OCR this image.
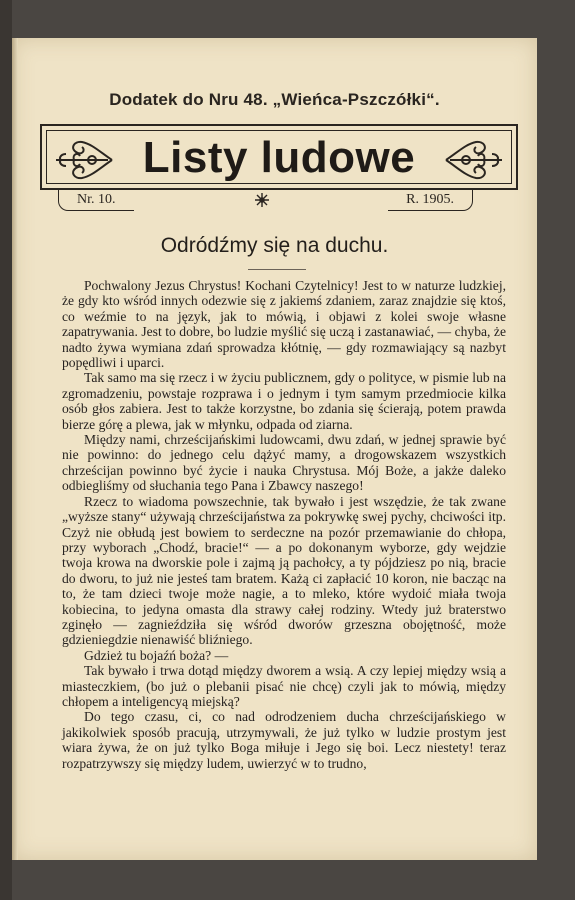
Dodatek do Nru 48. „Wieńca-Pszczółki“.
Listy ludowe
Nr. 10.	R. 1905.
Odródźmy się na duchu.

Pochwalony Jezus Chrystus! Kochani Czytelnicy! Jest to w naturze ludzkiej, że gdy kto wśród innych odezwie się z jakiemś zdaniem, zaraz znajdzie się ktoś, co weźmie to na język, jak to mówią, i objawi z kolei swoje własne zapatrywania. Jest to dobre, bo ludzie myślić się uczą i zastanawiać, — chyba, że nadto żywa wymiana zdań sprowadza kłótnię, — gdy rozmawiający są nazbyt popędliwi i uparci.

Tak samo ma się rzecz i w życiu publicznem, gdy o polityce, w pismie lub na zgromadzeniu, powstaje rozprawa i o jednym i tym samym przedmiocie kilka osób głos zabiera. Jest to także korzystne, bo zdania się ścierają, potem prawda bierze górę a plewa, jak w młynku, odpada od ziarna.

Między nami, chrześcijańskimi ludowcami, dwu zdań, w jednej sprawie być nie powinno: do jednego celu dążyć mamy, a drogowskazem wszystkich chrześcijan powinno być życie i nauka Chrystusa. Mój Boże, a jakże daleko odbiegliśmy od słuchania tego Pana i Zbawcy naszego!

Rzecz to wiadoma powszechnie, tak bywało i jest wszędzie, że tak zwane „wyższe stany“ używają chrześcijaństwa za pokrywkę swej pychy, chciwości itp. Czyż nie obłudą jest bowiem to serdeczne na pozór przemawianie do chłopa, przy wyborach „Chodź, bracie!“ — a po dokonanym wyborze, gdy wejdzie twoja krowa na dworskie pole i zajmą ją pachołcy, a ty pójdziesz po nią, bracie do dworu, to już nie jesteś tam bratem. Każą ci zapłacić 10 koron, nie bacząc na to, że tam dzieci twoje może nagie, a to mleko, które wydoić miała twoja kobiecina, to jedyna omasta dla strawy całej rodziny. Wtedy już braterstwo zginęło — zagnieździła się wśród dworów grzeszna obojętność, może gdzieniegdzie nienawiść bliźniego.

Gdzież tu bojaźń boża? —

Tak bywało i trwa dotąd między dworem a wsią. A czy lepiej między wsią a miasteczkiem, (bo już o plebanii pisać nie chcę) czyli jak to mówią, między chłopem a inteligencyą miejską?

Do tego czasu, ci, co nad odrodzeniem ducha chrześcijańskiego w jakikolwiek sposób pracują, utrzymywali, że już tylko w ludzie prostym jest wiara żywa, że on już tylko Boga miłuje i Jego się boi. Lecz niestety! teraz rozpatrzywszy się między ludem, uwierzyć w to trudno,
